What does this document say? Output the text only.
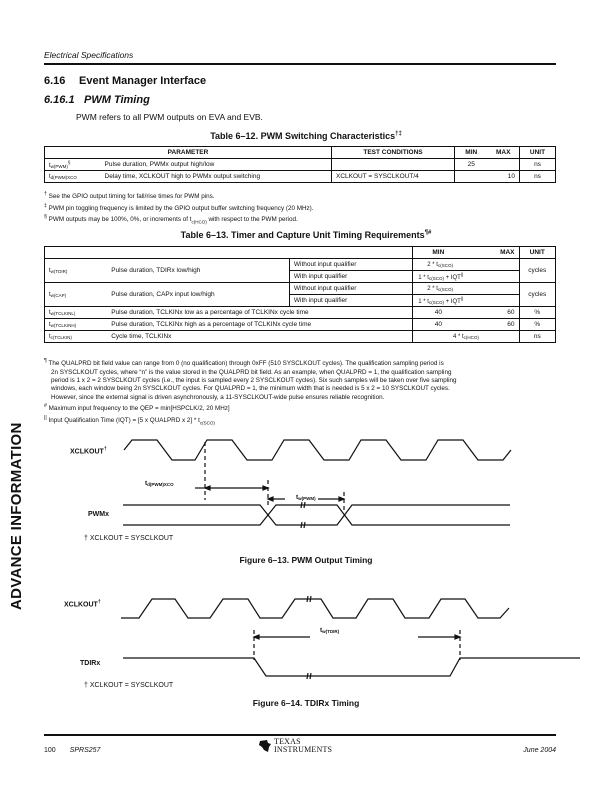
Electrical Specifications
6.16 Event Manager Interface
6.16.1 PWM Timing
PWM refers to all PWM outputs on EVA and EVB.
ADVANCE INFORMATION
Table 6–12. PWM Switching Characteristics†‡
PARAMETER		TEST CONDITIONS	MIN	MAX	UNIT
$t_{w(PWM)}^\S$	Pulse duration, PWMx output high/low		25		ns
$t_{d(PWM)XCO}$	Delay time, XCLKOUT high to PWMx output switching	XCLKOUT = SYSCLKOUT/4		10	ns
† See the GPIO output timing for fall/rise times for PWM pins.
‡ PWM pin toggling frequency is limited by the GPIO output buffer switching frequency (20 MHz).
§ PWM outputs may be 100%, 0%, or increments of $t_{c(HCO)}$ with respect to the PWM period.
Table 6–13. Timer and Capture Unit Timing Requirements¶#
			MIN	MAX	UNIT
$t_{w(TDIR)}$	Pulse duration, TDIRx low/high	Without input qualifier	$2 * t_{c(SCO)}$		cycles
		With input qualifier	$1 * t_{c(SCO)} + IQT^{||}$
$t_{w(CAP)}$	Pulse duration, CAPx input low/high	Without input qualifier	$2 * t_{c(SCO)}$		cycles
		With input qualifier	$1 * t_{c(SCO)} + IQT^{||}$
$t_{w(TCLKINL)}$	Pulse duration, TCLKINx low as a percentage of TCLKINx cycle time		40	60	%
$t_{w(TCLKINH)}$	Pulse duration, TCLKINx high as a percentage of TCLKINx cycle time		40	60	%
$t_{c(TCLKIN)}$	Cycle time, TCLKINx		$4 * t_{c(HCO)}$		ns
¶ The QUALPRD bit field value can range from 0 (no qualification) through 0xFF (510 SYSCLKOUT cycles). The qualification sampling period is
2n SYSCLKOUT cycles, where “n” is the value stored in the QUALPRD bit field. As an example, when QUALPRD = 1, the qualification sampling
period is 1 x 2 = 2 SYSCLKOUT cycles (i.e., the input is sampled every 2 SYSCLKOUT cycles). Six such samples will be taken over five sampling
windows, each window being 2n SYSCLKOUT cycles. For QUALPRD = 1, the minimum width that is needed is 5 x 2 = 10 SYSCLKOUT cycles.
However, since the external signal is driven asynchronously, a 11-SYSCLKOUT-wide pulse ensures reliable recognition.
# Maximum input frequency to the QEP = min[HSPCLK/2, 20 MHz]
|| Input Qualification Time (IQT) = [5 x QUALPRD x $2] * t_{c(SCO)}$
XCLKOUT†
PWMx
$t_{d(PWM)XCO}$
$t_{w(PWM)}$
† XCLKOUT = SYSCLKOUT
Figure 6–13. PWM Output Timing
XCLKOUT†
TDIRx
$t_{w(TDIR)}$
† XCLKOUT = SYSCLKOUT
Figure 6–14. TDIRx Timing
100 SPRS257
TEXAS
INSTRUMENTS	June 2004
